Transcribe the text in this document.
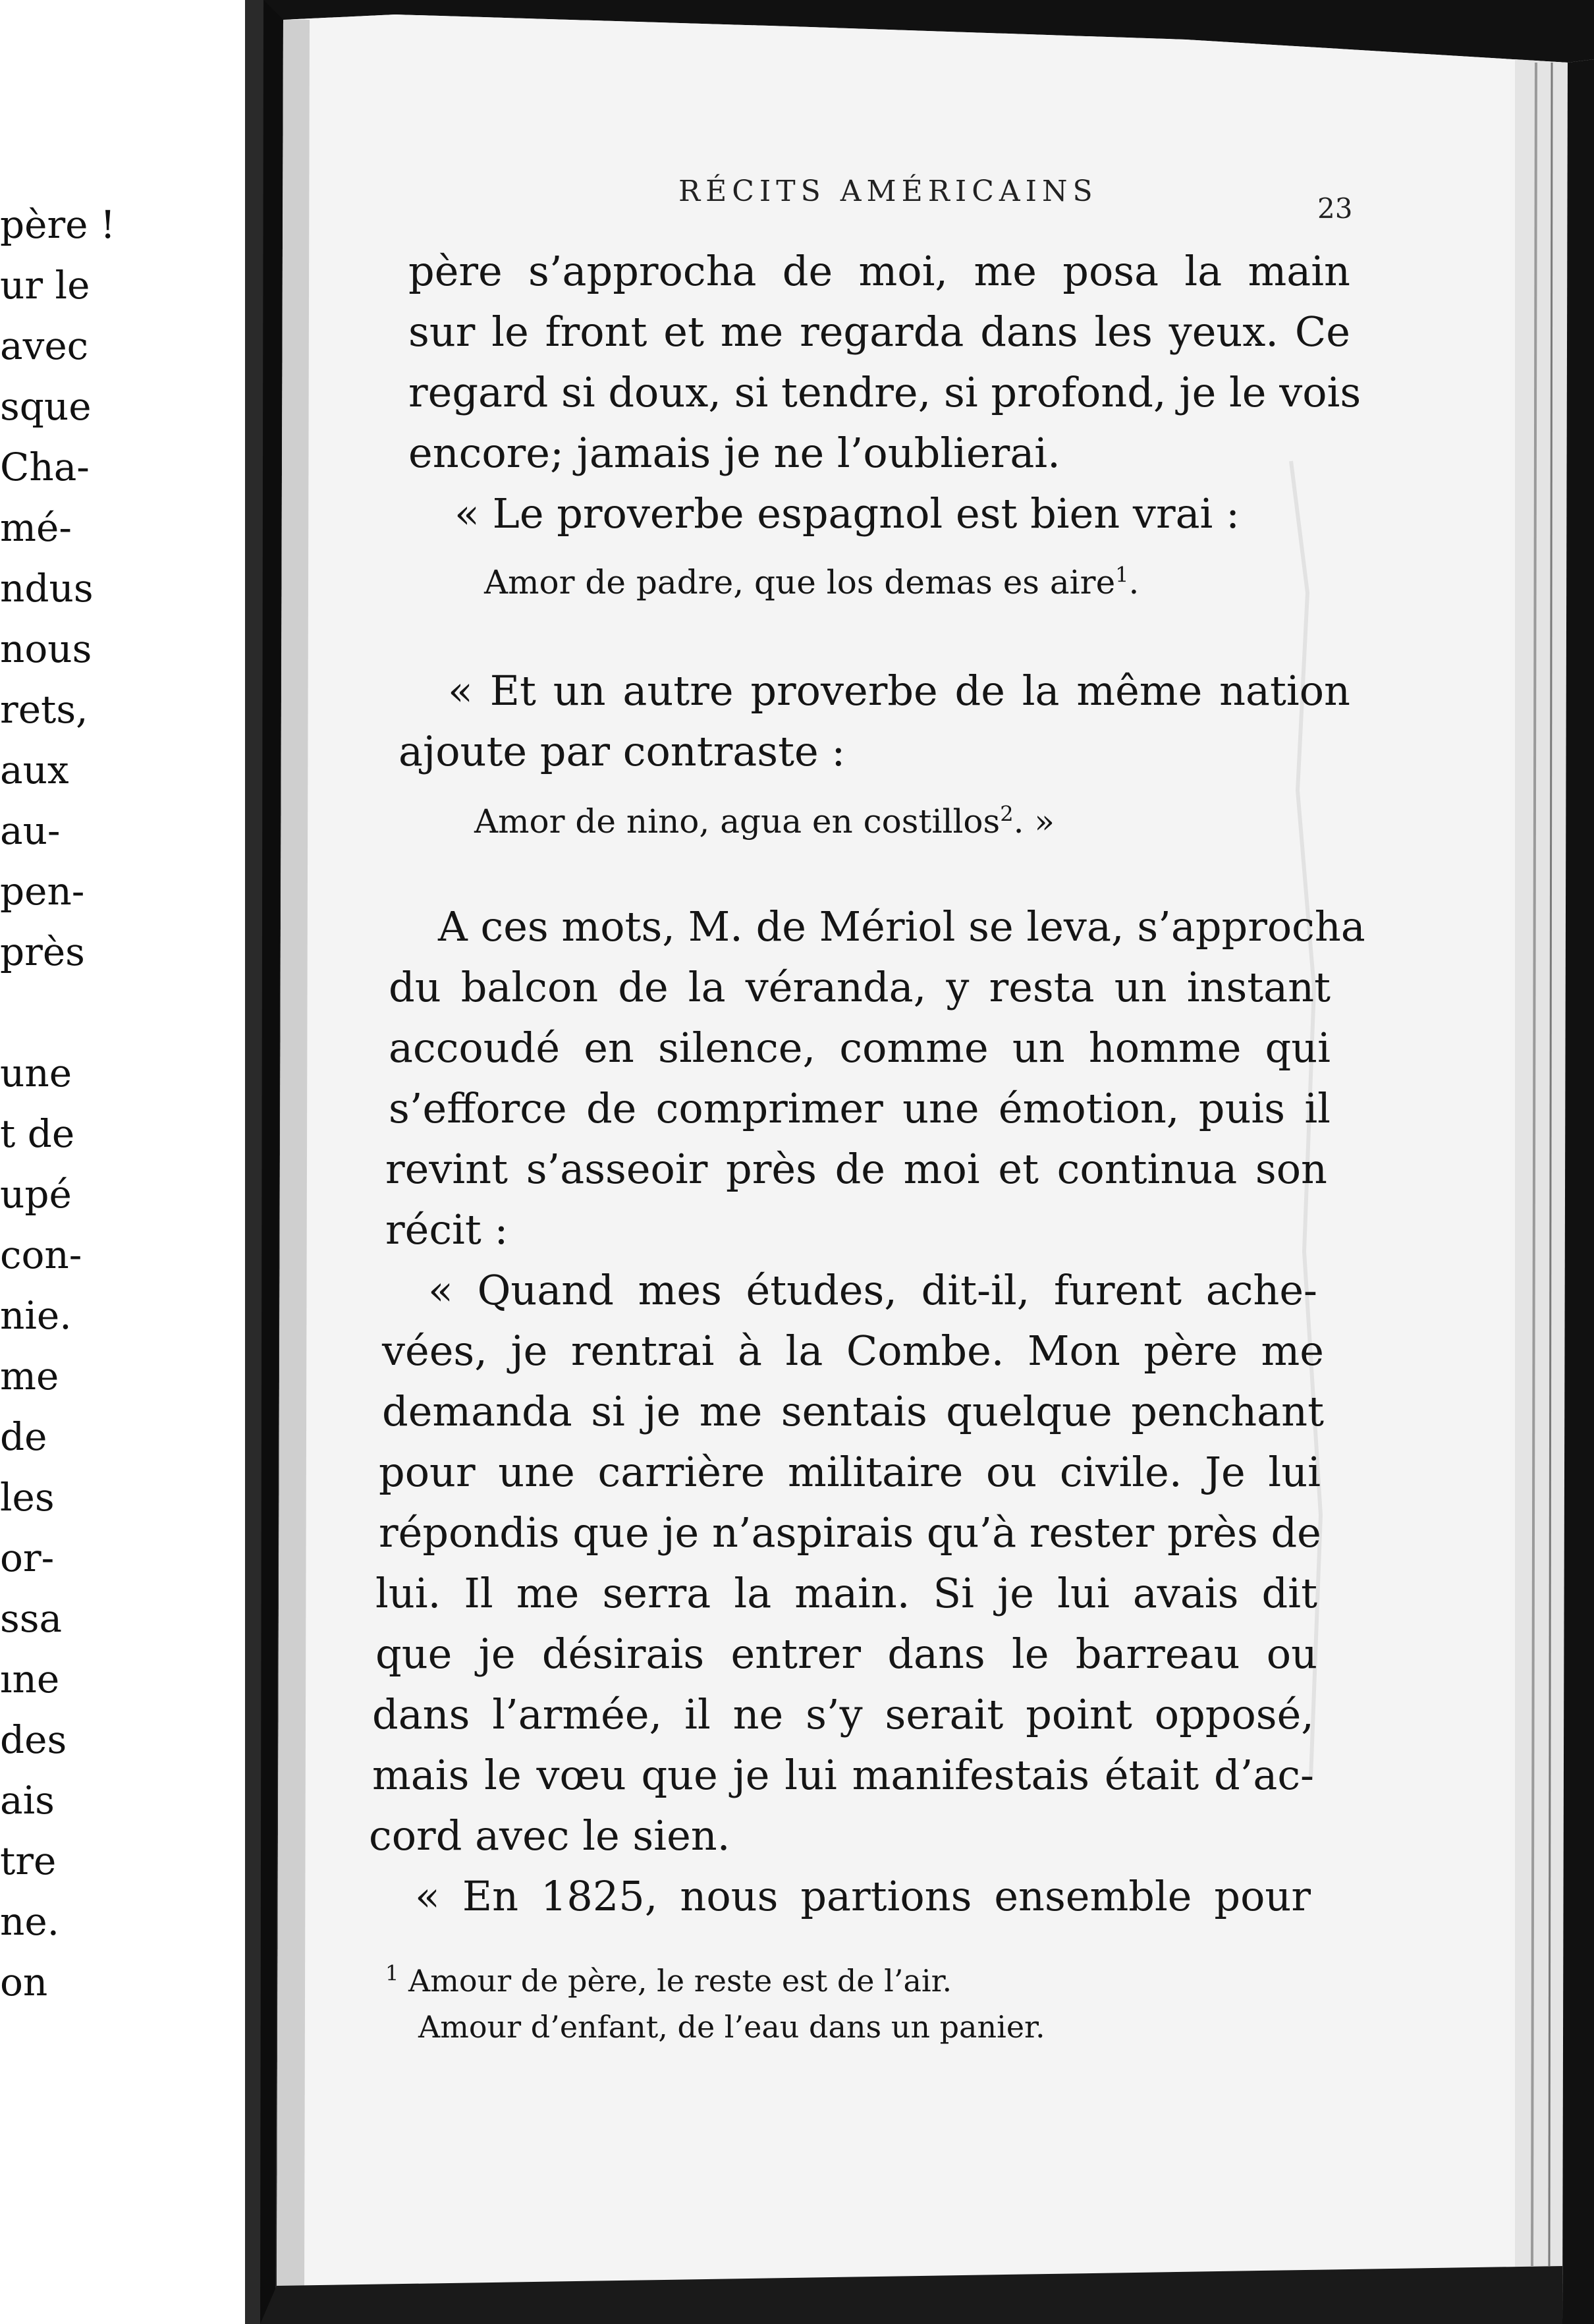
père !
ur le
avec
sque
Cha-
mé-
ndus
nous
rets,
aux
au-
pen-
près
une
t de
upé
con-
nie.
me
de
les
or-
ssa
ıne
des
ais
tre
ne.
on
RÉCITS AMÉRICAINS
23
père s’approcha de moi, me posa la main
sur le front et me regarda dans les yeux. Ce
regard si doux, si tendre, si profond, je le vois
encore; jamais je ne l’oublierai.
« Le proverbe espagnol est bien vrai :
Amor de padre, que los demas es aire$^1$.
« Et un autre proverbe de la même nation
ajoute par contraste :
Amor de nino, agua en costillos$^2$. »
A ces mots, M. de Mériol se leva, s’approcha
du balcon de la véranda, y resta un instant
accoudé en silence, comme un homme qui
s’efforce de comprimer une émotion, puis il
revint s’asseoir près de moi et continua son
récit :
« Quand mes études, dit-il, furent ache-
vées, je rentrai à la Combe. Mon père me
demanda si je me sentais quelque penchant
pour une carrière militaire ou civile. Je lui
répondis que je n’aspirais qu’à rester près de
lui. Il me serra la main. Si je lui avais dit
que je désirais entrer dans le barreau ou
dans l’armée, il ne s’y serait point opposé,
mais le vœu que je lui manifestais était d’ac-
cord avec le sien.
« En 1825, nous partions ensemble pour
$^1$ Amour de père, le reste est de l’air.
Amour d’enfant, de l’eau dans un panier.
